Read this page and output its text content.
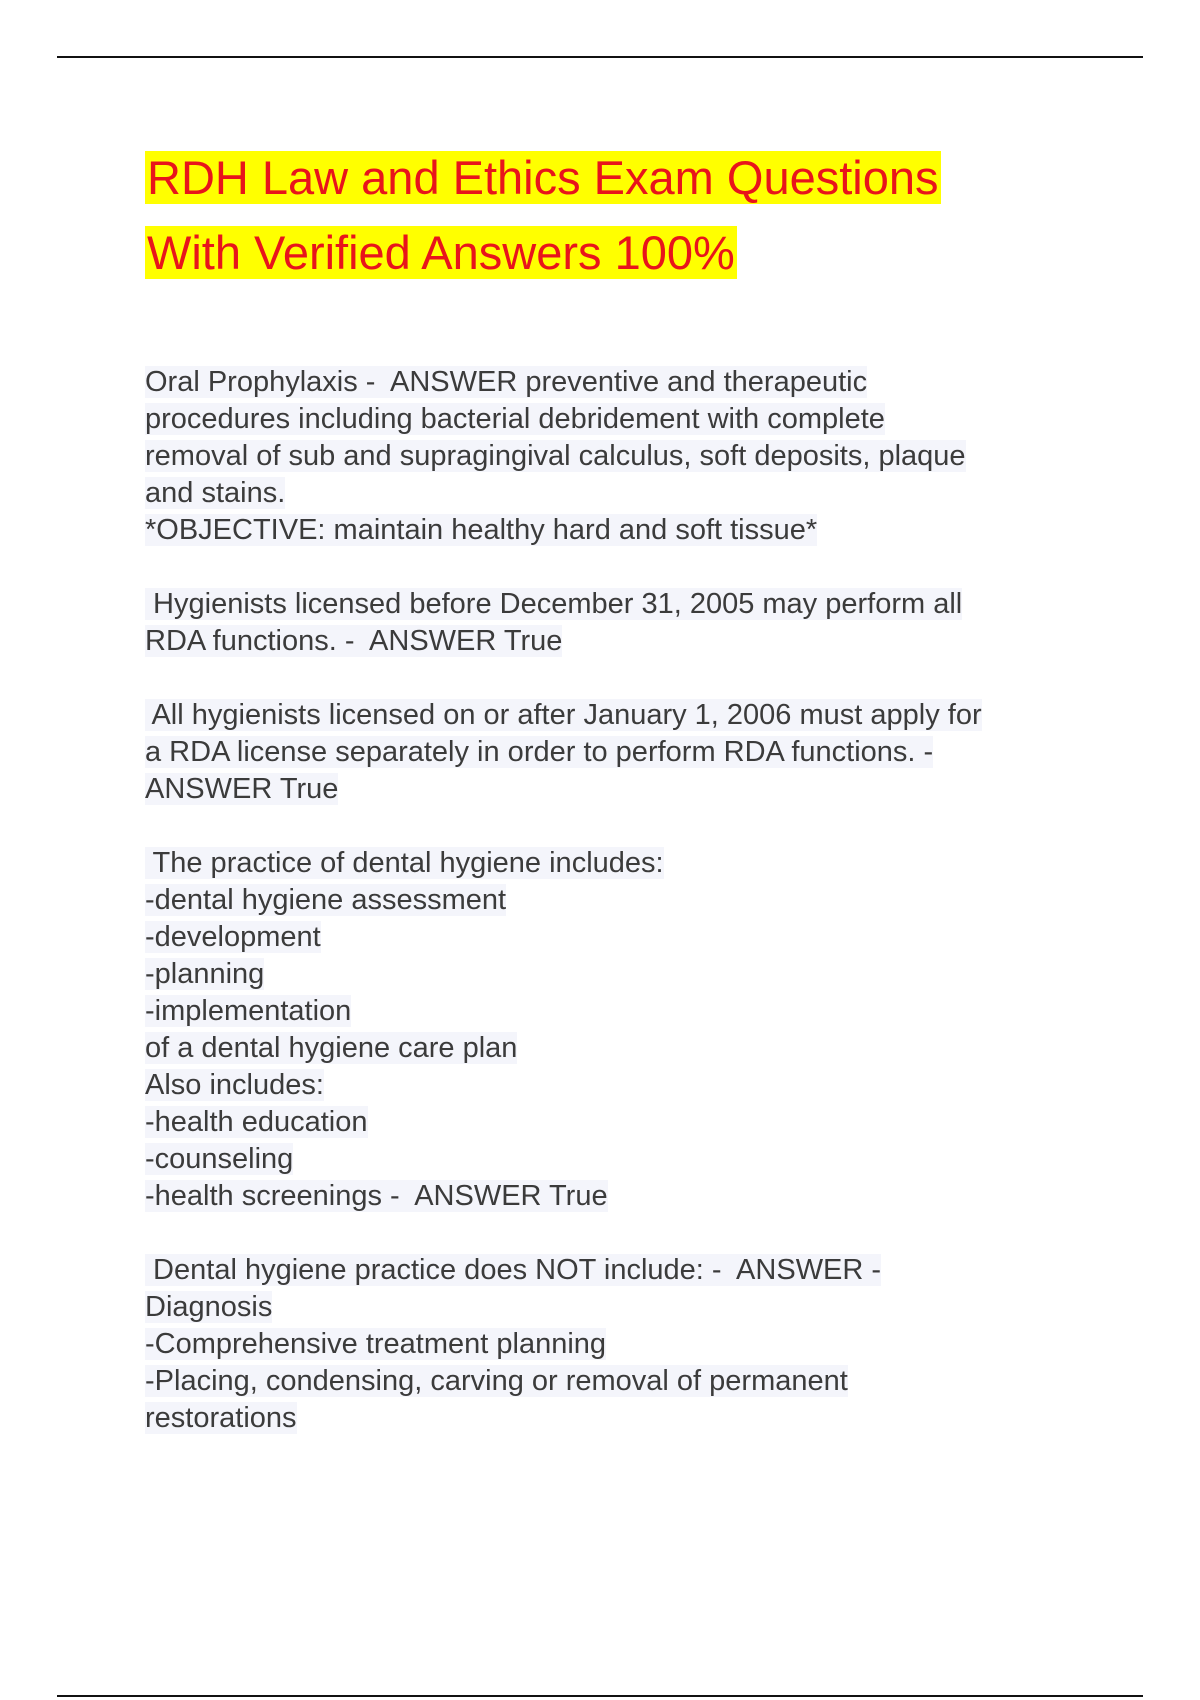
RDH Law and Ethics Exam Questions
With Verified Answers 100%
Oral Prophylaxis -  ANSWER preventive and therapeutic
procedures including bacterial debridement with complete
removal of sub and supragingival calculus, soft deposits, plaque
and stains.
*OBJECTIVE: maintain healthy hard and soft tissue*
Hygienists licensed before December 31, 2005 may perform all
RDA functions. -  ANSWER True
All hygienists licensed on or after January 1, 2006 must apply for
a RDA license separately in order to perform RDA functions. -
ANSWER True
The practice of dental hygiene includes:
-dental hygiene assessment
-development
-planning
-implementation
of a dental hygiene care plan
Also includes:
-health education
-counseling
-health screenings -  ANSWER True
Dental hygiene practice does NOT include: -  ANSWER -
Diagnosis
-Comprehensive treatment planning
-Placing, condensing, carving or removal of permanent
restorations
